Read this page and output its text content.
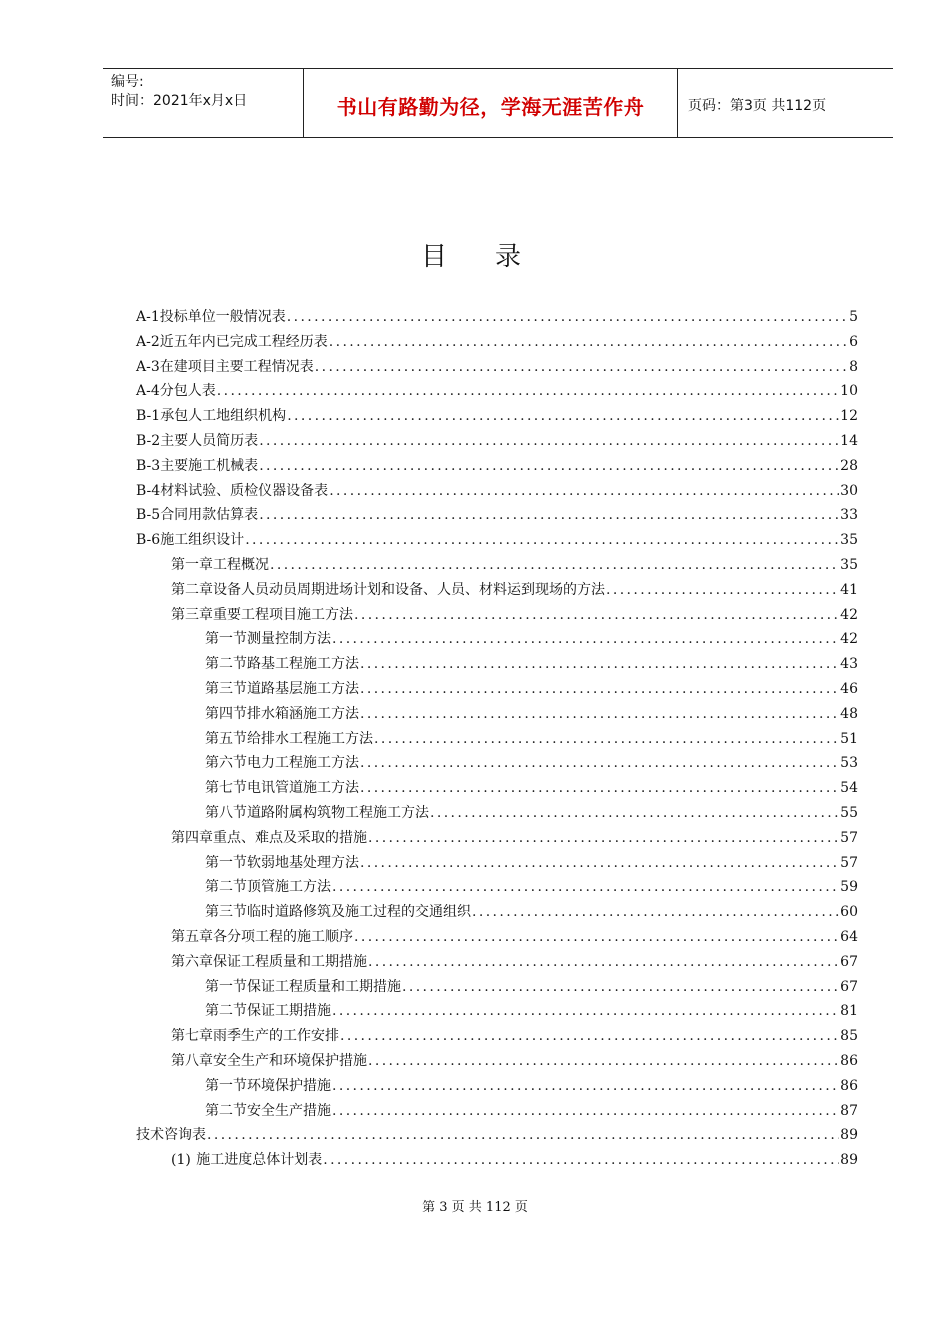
编号:
时间：2021年x月x日	书山有路勤为径，学海无涯苦作舟	页码：第3页 共112页
目录
A-1 投标单位一般情况表 .....	5
A-2 近五年内已完成工程经历表 .....	6
A-3 在建项目主要工程情况表 .....	8
A-4 分包人表 .....	10
B-1 承包人工地组织机构 .....	12
B-2 主要人员简历表 .....	14
B-3 主要施工机械表 .....	28
B-4 材料试验、质检仪器设备表 .....	30
B-5 合同用款估算表 .....	33
B-6 施工组织设计 .....	35
第一章 工程概况 .....	35
第二章 设备人员动员周期进场计划和设备、人员、材料运到现场的方法 .....	41
第三章 重要工程项目施工方法 .....	42
第一节 测量控制方法 .....	42
第二节 路基工程施工方法 .....	43
第三节 道路基层施工方法 .....	46
第四节 排水箱涵施工方法 .....	48
第五节 给排水工程施工方法 .....	51
第六节 电力工程施工方法 .....	53
第七节 电讯管道施工方法 .....	54
第八节 道路附属构筑物工程施工方法 .....	55
第四章 重点、难点及采取的措施 .....	57
第一节 软弱地基处理方法 .....	57
第二节 顶管施工方法 .....	59
第三节 临时道路修筑及施工过程的交通组织 .....	60
第五章 各分项工程的施工顺序 .....	64
第六章 保证工程质量和工期措施 .....	67
第一节 保证工程质量和工期措施 .....	67
第二节 保证工期措施 .....	81
第七章 雨季生产的工作安排 .....	85
第八章 安全生产和环境保护措施 .....	86
第一节 环境保护措施 .....	86
第二节 安全生产措施 .....	87
技术咨询表 .....	89
(1) 施工进度总体计划表 .....	89
第 3 页 共 112 页
